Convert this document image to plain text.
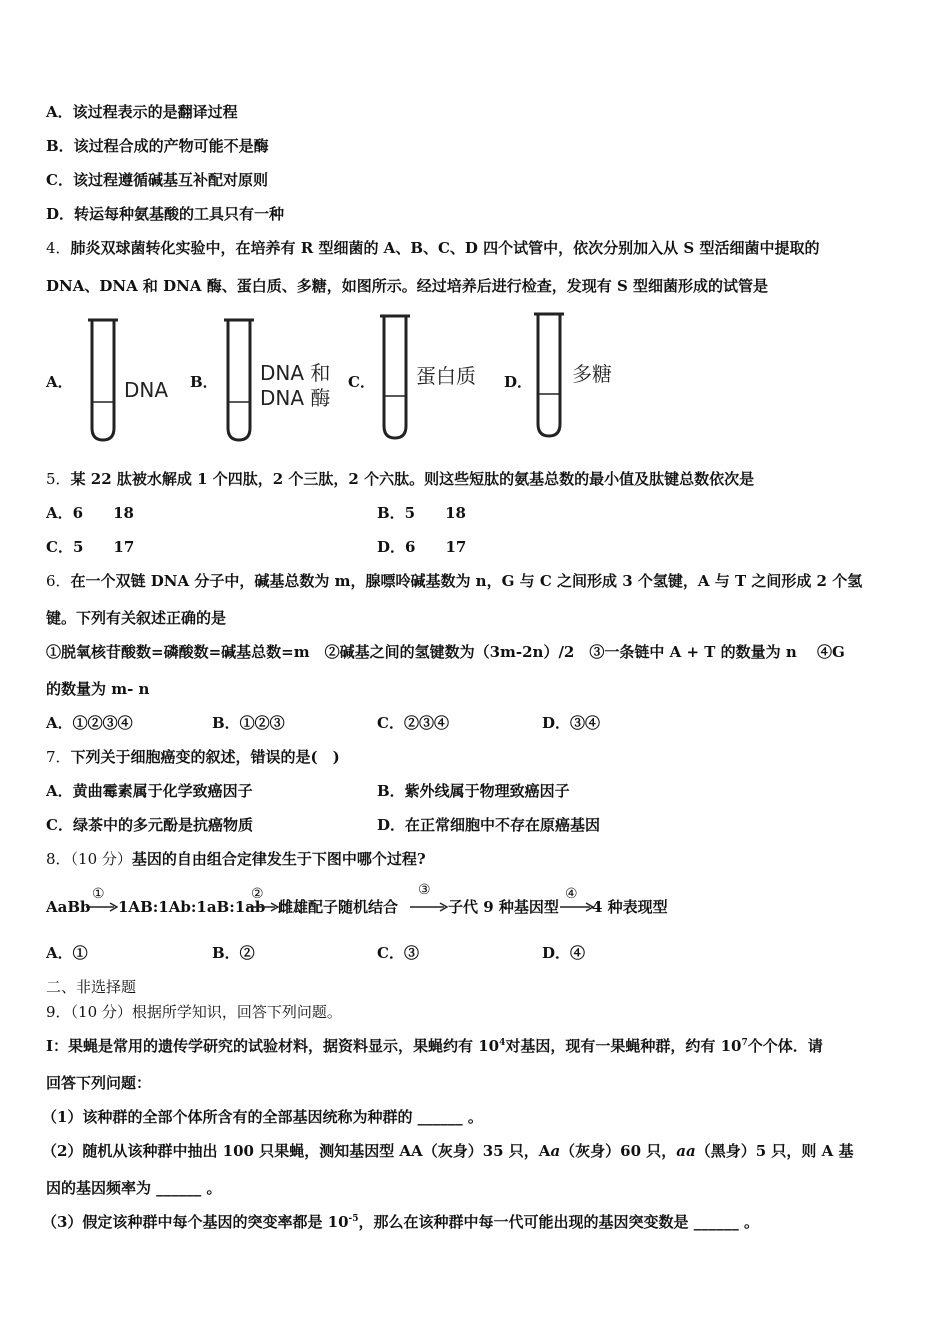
A．该过程表示的是翻译过程
B．该过程合成的产物可能不是酶
C．该过程遵循碱基互补配对原则
D．转运每种氨基酸的工具只有一种
4．肺炎双球菌转化实验中，在培养有 R 型细菌的 A、B、C、D 四个试管中，依次分别加入从 S 型活细菌中提取的
DNA、DNA 和 DNA 酶、蛋白质、多糖，如图所示。经过培养后进行检查，发现有 S 型细菌形成的试管是
A．	DNA B． DNA 和
DNA 酶
C． 蛋白质 D． 多糖
5．某 22 肽被水解成 1 个四肽，2 个三肽，2 个六肽。则这些短肽的氨基总数的最小值及肽键总数依次是
A．6　　18	B．5　　18
C．5　　17	D．6　　17
6．在一个双链 DNA 分子中，碱基总数为 m，腺嘌呤碱基数为 n，G 与 C 之间形成 3 个氢键，A 与 T 之间形成 2 个氢
键。下列有关叙述正确的是
①脱氧核苷酸数=磷酸数=碱基总数=m　②碱基之间的氢键数为（3m-2n）/2　③一条链中 A + T 的数量为 n　 ④G
的数量为 m- n
A．①②③④	B．①②③	C．②③④	D．③④
7．下列关于细胞癌变的叙述，错误的是(　)
A．黄曲霉素属于化学致癌因子	B．紫外线属于物理致癌因子
C．绿茶中的多元酚是抗癌物质	D．在正常细胞中不存在原癌基因
8．（10 分）基因的自由组合定律发生于下图中哪个过程?
AaBb
①
1AB:1Ab:1aB:1ab
②
雌雄配子随机结合
③
子代 9 种基因型
④
4 种表现型
A．①	B．②	C．③	D．④
二、非选择题
9．（10 分）根据所学知识，回答下列问题。
Ⅰ：果蝇是常用的遗传学研究的试验材料，据资料显示，果蝇约有 $10^4$对基因，现有一果蝇种群，约有 $10^7$个个体．请
回答下列问题：
（1）该种群的全部个体所含有的全部基因统称为种群的 ______ 。
（2）随机从该种群中抽出 100 只果蝇，测知基因型 AA（灰身）35 只，Aa（灰身）60 只，aa（黑身）5 只，则 A 基
因的基因频率为 ______ 。
（3）假定该种群中每个基因的突变率都是 $10^{-5}$，那么在该种群中每一代可能出现的基因突变数是 ______ 。
